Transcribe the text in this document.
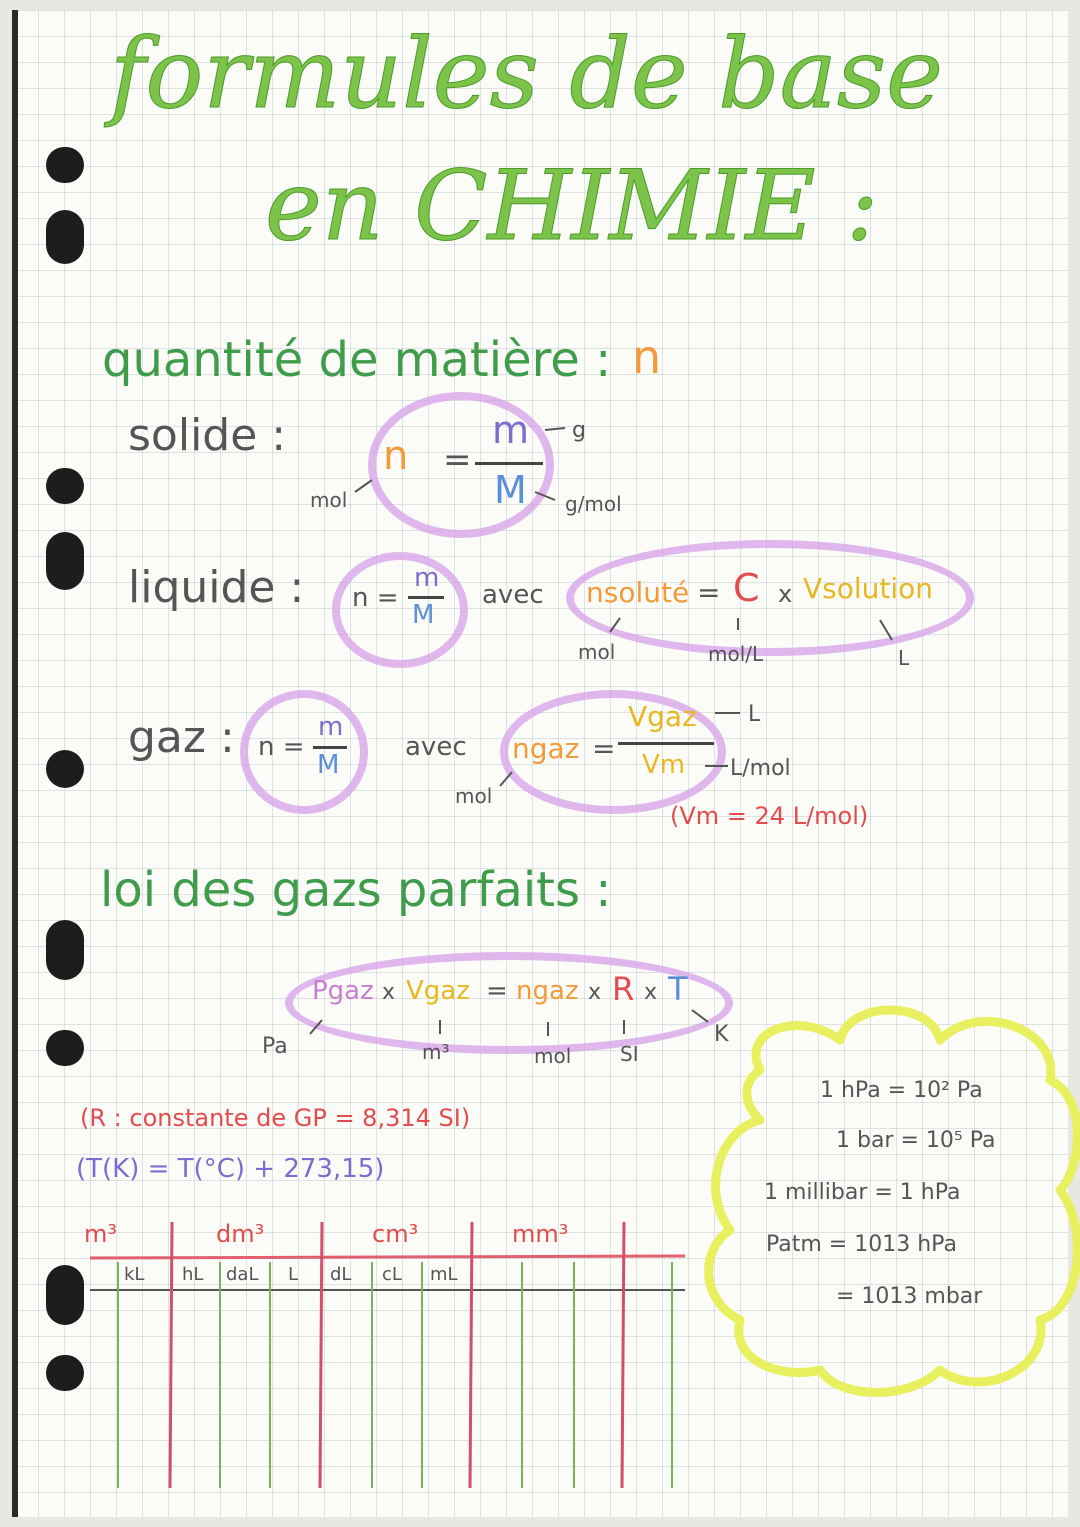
formules de base
en CHIMIE :
quantité de matière : n
solide : n =
m
M
mol
g
g/mol
liquide : n =
m
M
avec nsoluté = C x Vsolution
mol	mol/L	L
gaz : n =
m
M
avec ngaz =
Vgaz
Vm
mol
L
L/mol
(Vm = 24 L/mol)
loi des gazs parfaits :
Pgaz x Vgaz = ngaz x R x T
Pa	m³	mol SI
K
(R : constante de GP = 8,314 SI)
(T(K) = T(°C) + 273,15)
m³	dm³	cm³	mm³
kL hL daL L dL cL mL
1 hPa = 10² Pa
1 bar = 10⁵ Pa
1 millibar = 1 hPa
Patm = 1013 hPa
= 1013 mbar
